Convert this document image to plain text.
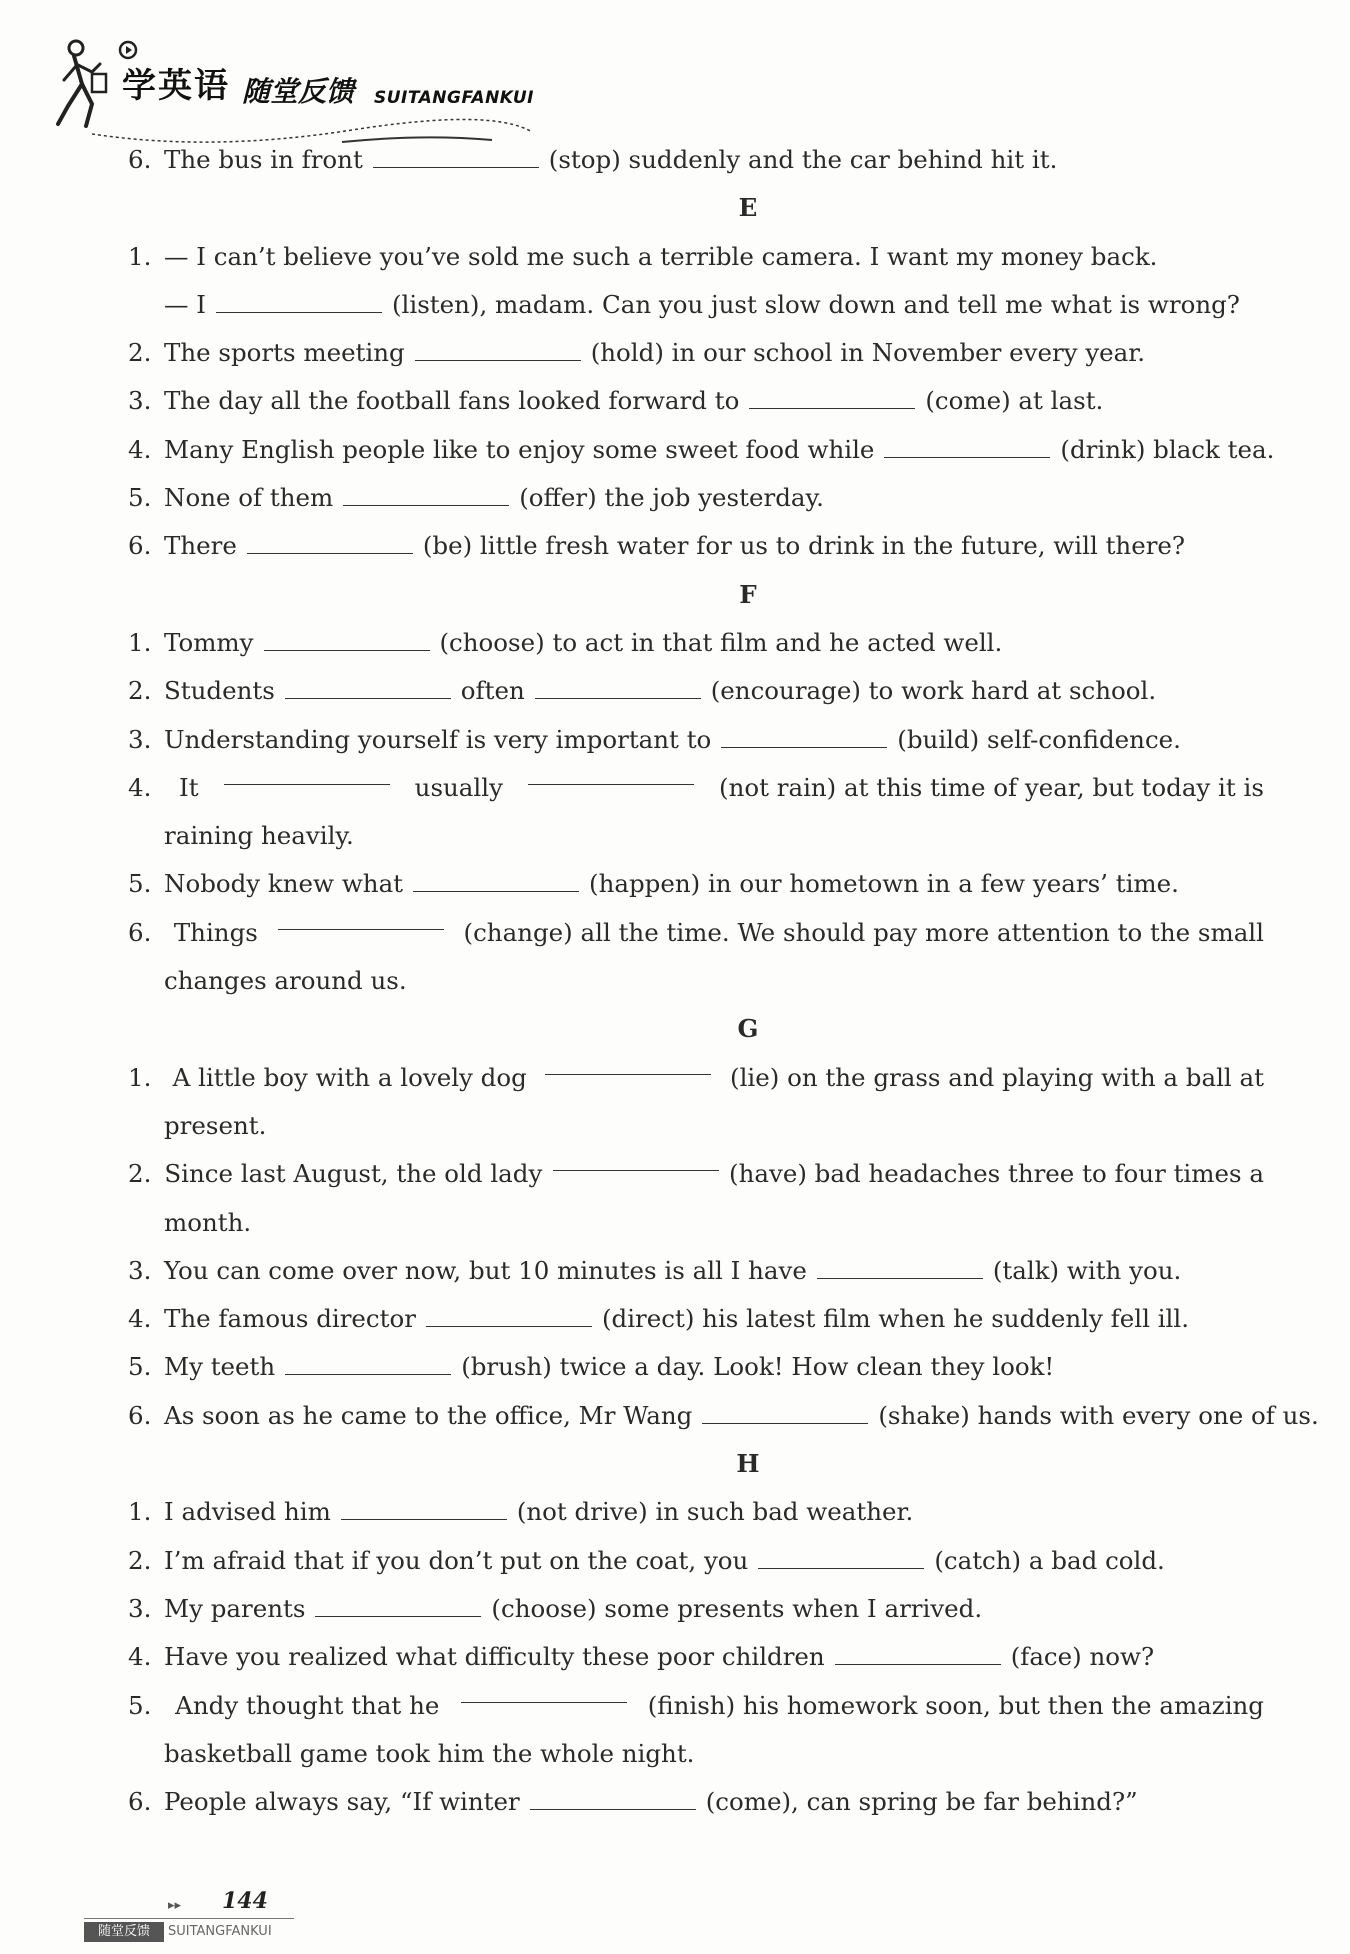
学英语 随堂反馈 SUITANGFANKUI
6. The bus in front	(stop) suddenly and the car behind hit it.
E
1. — I can’t believe you’ve sold me such a terrible camera. I want my money back.
— I	(listen), madam. Can you just slow down and tell me what is wrong?
2. The sports meeting	(hold) in our school in November every year.
3. The day all the football fans looked forward to	(come) at last.
4. Many English people like to enjoy some sweet food while	(drink) black tea.
5. None of them	(offer) the job yesterday.
6. There	(be) little fresh water for us to drink in the future, will there?
F
1. Tommy	(choose) to act in that film and he acted well.
2. Students	often	(encourage) to work hard at school.
3. Understanding yourself is very important to	(build) self-confidence.
4.	It	usually	(not rain) at this time of year, but today it is
raining heavily.
5. Nobody knew what	(happen) in our hometown in a few years’ time.
6. Things	(change) all the time. We should pay more attention to the small
changes around us.
G
1. A little boy with a lovely dog	(lie) on the grass and playing with a ball at
present.
2. Since last August, the old lady	(have) bad headaches three to four times a
month.
3. You can come over now, but 10 minutes is all I have	(talk) with you.
4. The famous director	(direct) his latest film when he suddenly fell ill.
5. My teeth	(brush) twice a day. Look! How clean they look!
6. As soon as he came to the office, Mr Wang	(shake) hands with every one of us.
H
1. I advised him	(not drive) in such bad weather.
2. I’m afraid that if you don’t put on the coat, you	(catch) a bad cold.
3. My parents	(choose) some presents when I arrived.
4. Have you realized what difficulty these poor children	(face) now?
5. Andy thought that he	(finish) his homework soon, but then the amazing
basketball game took him the whole night.
6. People always say, “If winter	(come), can spring be far behind?”
▸▸ 144
随堂反馈	SUITANGFANKUI
